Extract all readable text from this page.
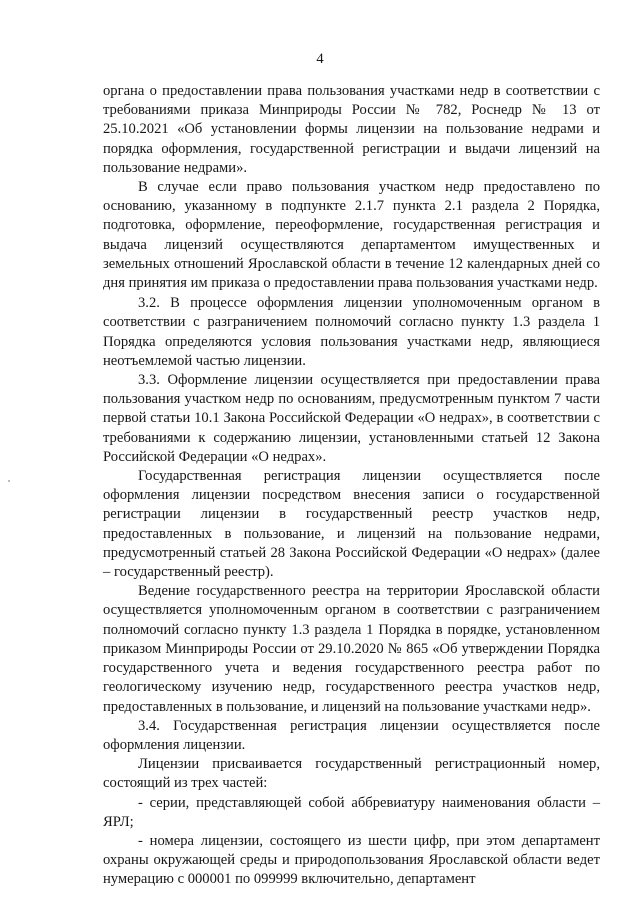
4

органа о предоставлении права пользования участками недр в соответствии с требованиями приказа Минприроды России № 782, Роснедр № 13 от 25.10.2021 «Об установлении формы лицензии на пользование недрами и порядка оформления, государственной регистрации и выдачи лицензий на пользование недрами».

В случае если право пользования участком недр предоставлено по основанию, указанному в подпункте 2.1.7 пункта 2.1 раздела 2 Порядка, подготовка, оформление, переоформление, государственная регистрация и выдача лицензий осуществляются департаментом имущественных и земельных отношений Ярославской области в течение 12 календарных дней со дня принятия им приказа о предоставлении права пользования участками недр.

3.2. В процессе оформления лицензии уполномоченным органом в соответствии с разграничением полномочий согласно пункту 1.3 раздела 1 Порядка определяются условия пользования участками недр, являющиеся неотъемлемой частью лицензии.

3.3. Оформление лицензии осуществляется при предоставлении права пользования участком недр по основаниям, предусмотренным пунктом 7 части первой статьи 10.1 Закона Российской Федерации «О недрах», в соответствии с требованиями к содержанию лицензии, установленными статьей 12 Закона Российской Федерации «О недрах».

Государственная регистрация лицензии осуществляется после оформления лицензии посредством внесения записи о государственной регистрации лицензии в государственный реестр участков недр, предоставленных в пользование, и лицензий на пользование недрами, предусмотренный статьей 28 Закона Российской Федерации «О недрах» (далее – государственный реестр).

Ведение государственного реестра на территории Ярославской области осуществляется уполномоченным органом в соответствии с разграничением полномочий согласно пункту 1.3 раздела 1 Порядка в порядке, установленном приказом Минприроды России от 29.10.2020 № 865 «Об утверждении Порядка государственного учета и ведения государственного реестра работ по геологическому изучению недр, государственного реестра участков недр, предоставленных в пользование, и лицензий на пользование участками недр».

3.4. Государственная регистрация лицензии осуществляется после оформления лицензии.

Лицензии присваивается государственный регистрационный номер, состоящий из трех частей:

- серии, представляющей собой аббревиатуру наименования области – ЯРЛ;

- номера лицензии, состоящего из шести цифр, при этом департамент охраны окружающей среды и природопользования Ярославской области ведет нумерацию с 000001 по 099999 включительно, департамент
